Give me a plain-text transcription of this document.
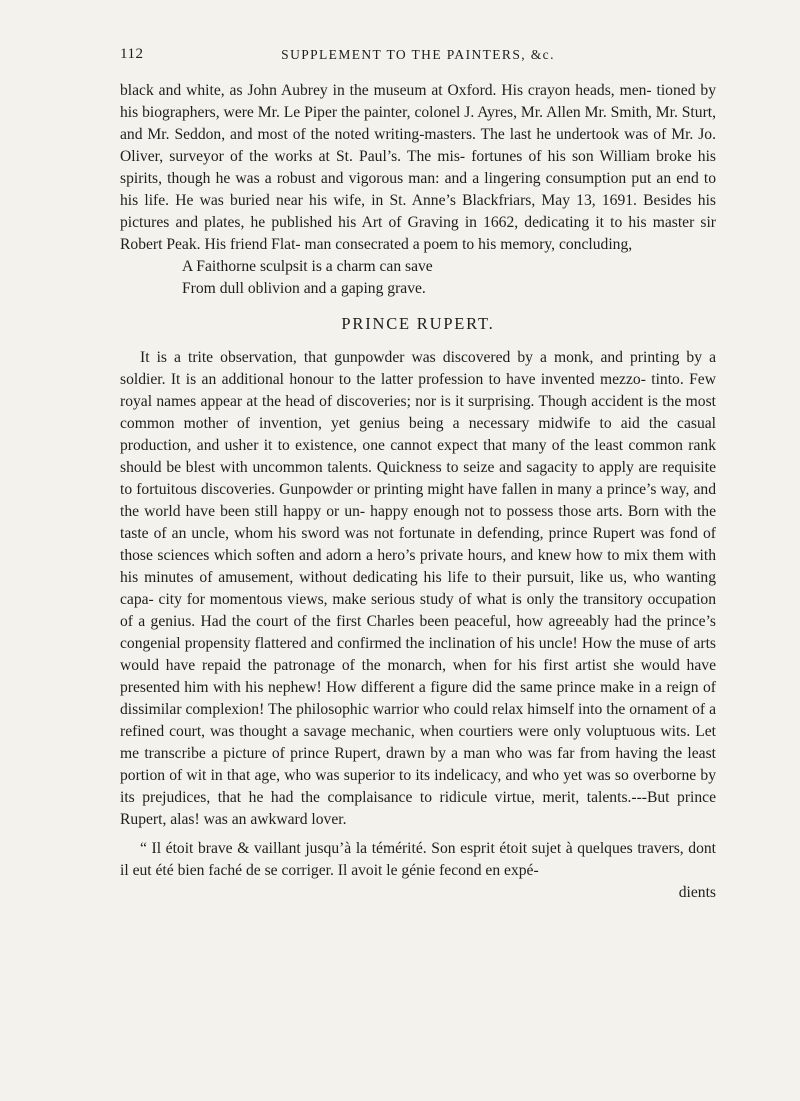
112	SUPPLEMENT TO THE PAINTERS, &c.

black and white, as John Aubrey in the museum at Oxford. His crayon heads, men- tioned by his biographers, were Mr. Le Piper the painter, colonel J. Ayres, Mr. Allen Mr. Smith, Mr. Sturt, and Mr. Seddon, and most of the noted writing-masters. The last he undertook was of Mr. Jo. Oliver, surveyor of the works at St. Paul’s. The mis- fortunes of his son William broke his spirits, though he was a robust and vigorous man: and a lingering consumption put an end to his life. He was buried near his wife, in St. Anne’s Blackfriars, May 13, 1691. Besides his pictures and plates, he published his Art of Graving in 1662, dedicating it to his master sir Robert Peak. His friend Flat- man consecrated a poem to his memory, concluding,

A Faithorne sculpsit is a charm can save
From dull oblivion and a gaping grave.
PRINCE RUPERT.

It is a trite observation, that gunpowder was discovered by a monk, and printing by a soldier. It is an additional honour to the latter profession to have invented mezzo- tinto. Few royal names appear at the head of discoveries; nor is it surprising. Though accident is the most common mother of invention, yet genius being a necessary midwife to aid the casual production, and usher it to existence, one cannot expect that many of the least common rank should be blest with uncommon talents. Quickness to seize and sagacity to apply are requisite to fortuitous discoveries. Gunpowder or printing might have fallen in many a prince’s way, and the world have been still happy or un- happy enough not to possess those arts. Born with the taste of an uncle, whom his sword was not fortunate in defending, prince Rupert was fond of those sciences which soften and adorn a hero’s private hours, and knew how to mix them with his minutes of amusement, without dedicating his life to their pursuit, like us, who wanting capa- city for momentous views, make serious study of what is only the transitory occupation of a genius. Had the court of the first Charles been peaceful, how agreeably had the prince’s congenial propensity flattered and confirmed the inclination of his uncle! How the muse of arts would have repaid the patronage of the monarch, when for his first artist she would have presented him with his nephew! How different a figure did the same prince make in a reign of dissimilar complexion! The philosophic warrior who could relax himself into the ornament of a refined court, was thought a savage mechanic, when courtiers were only voluptuous wits. Let me transcribe a picture of prince Rupert, drawn by a man who was far from having the least portion of wit in that age, who was superior to its indelicacy, and who yet was so overborne by its prejudices, that he had the complaisance to ridicule virtue, merit, talents.---But prince Rupert, alas! was an awkward lover.

“ Il étoit brave & vaillant jusqu’à la témérité. Son esprit étoit sujet à quelques travers, dont il eut été bien faché de se corriger. Il avoit le génie fecond en expé-

dients
